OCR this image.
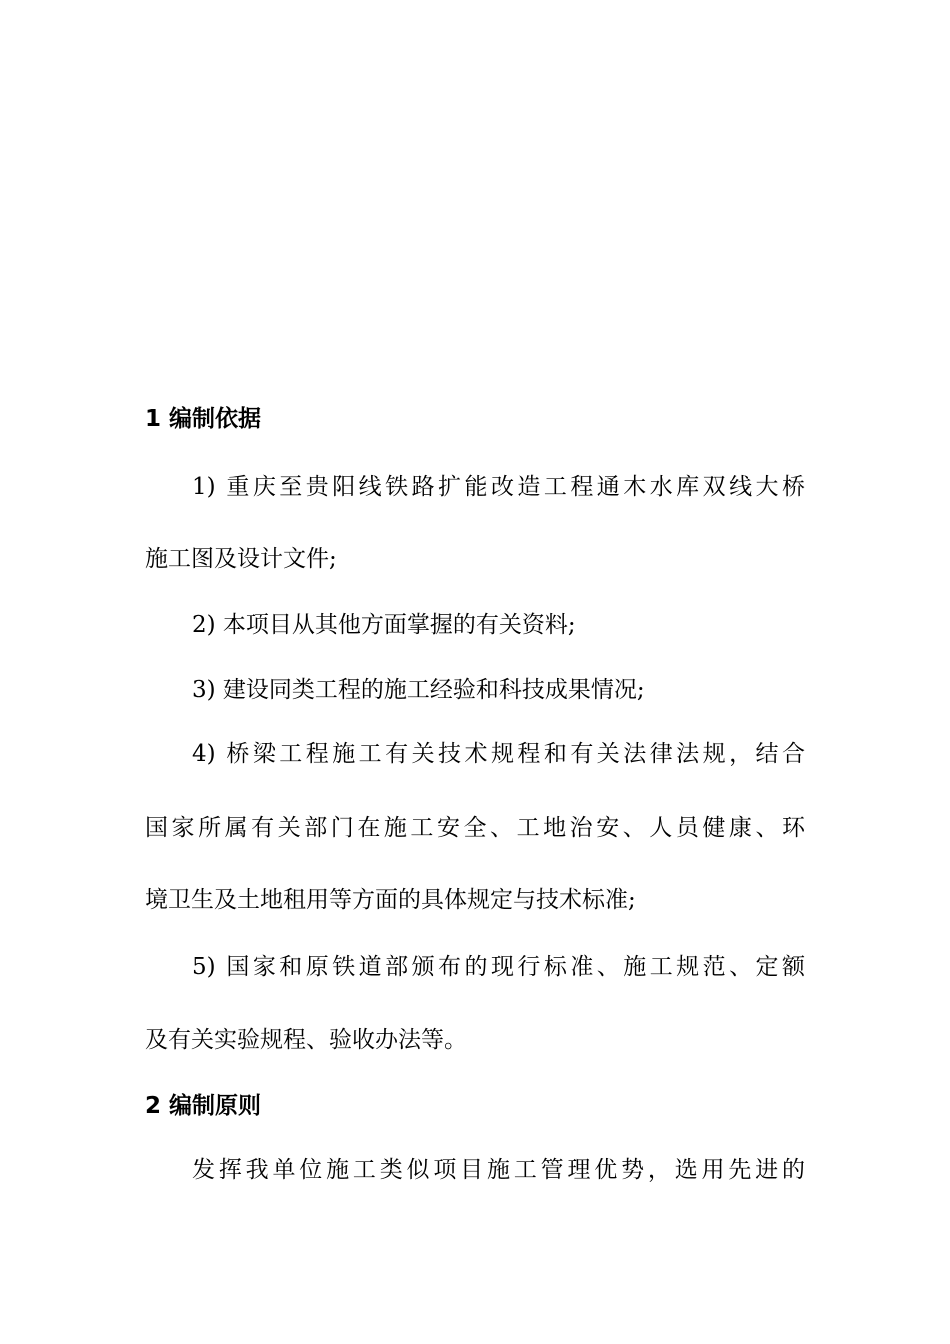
1 编制依据
1) 重庆至贵阳线铁路扩能改造工程通木水库双线大桥
施工图及设计文件;
2) 本项目从其他方面掌握的有关资料;
3) 建设同类工程的施工经验和科技成果情况;
4) 桥梁工程施工有关技术规程和有关法律法规，结合
国家所属有关部门在施工安全、工地治安、人员健康、环
境卫生及土地租用等方面的具体规定与技术标准;
5) 国家和原铁道部颁布的现行标准、施工规范、定额
及有关实验规程、验收办法等。
2 编制原则
发挥我单位施工类似项目施工管理优势，选用先进的
